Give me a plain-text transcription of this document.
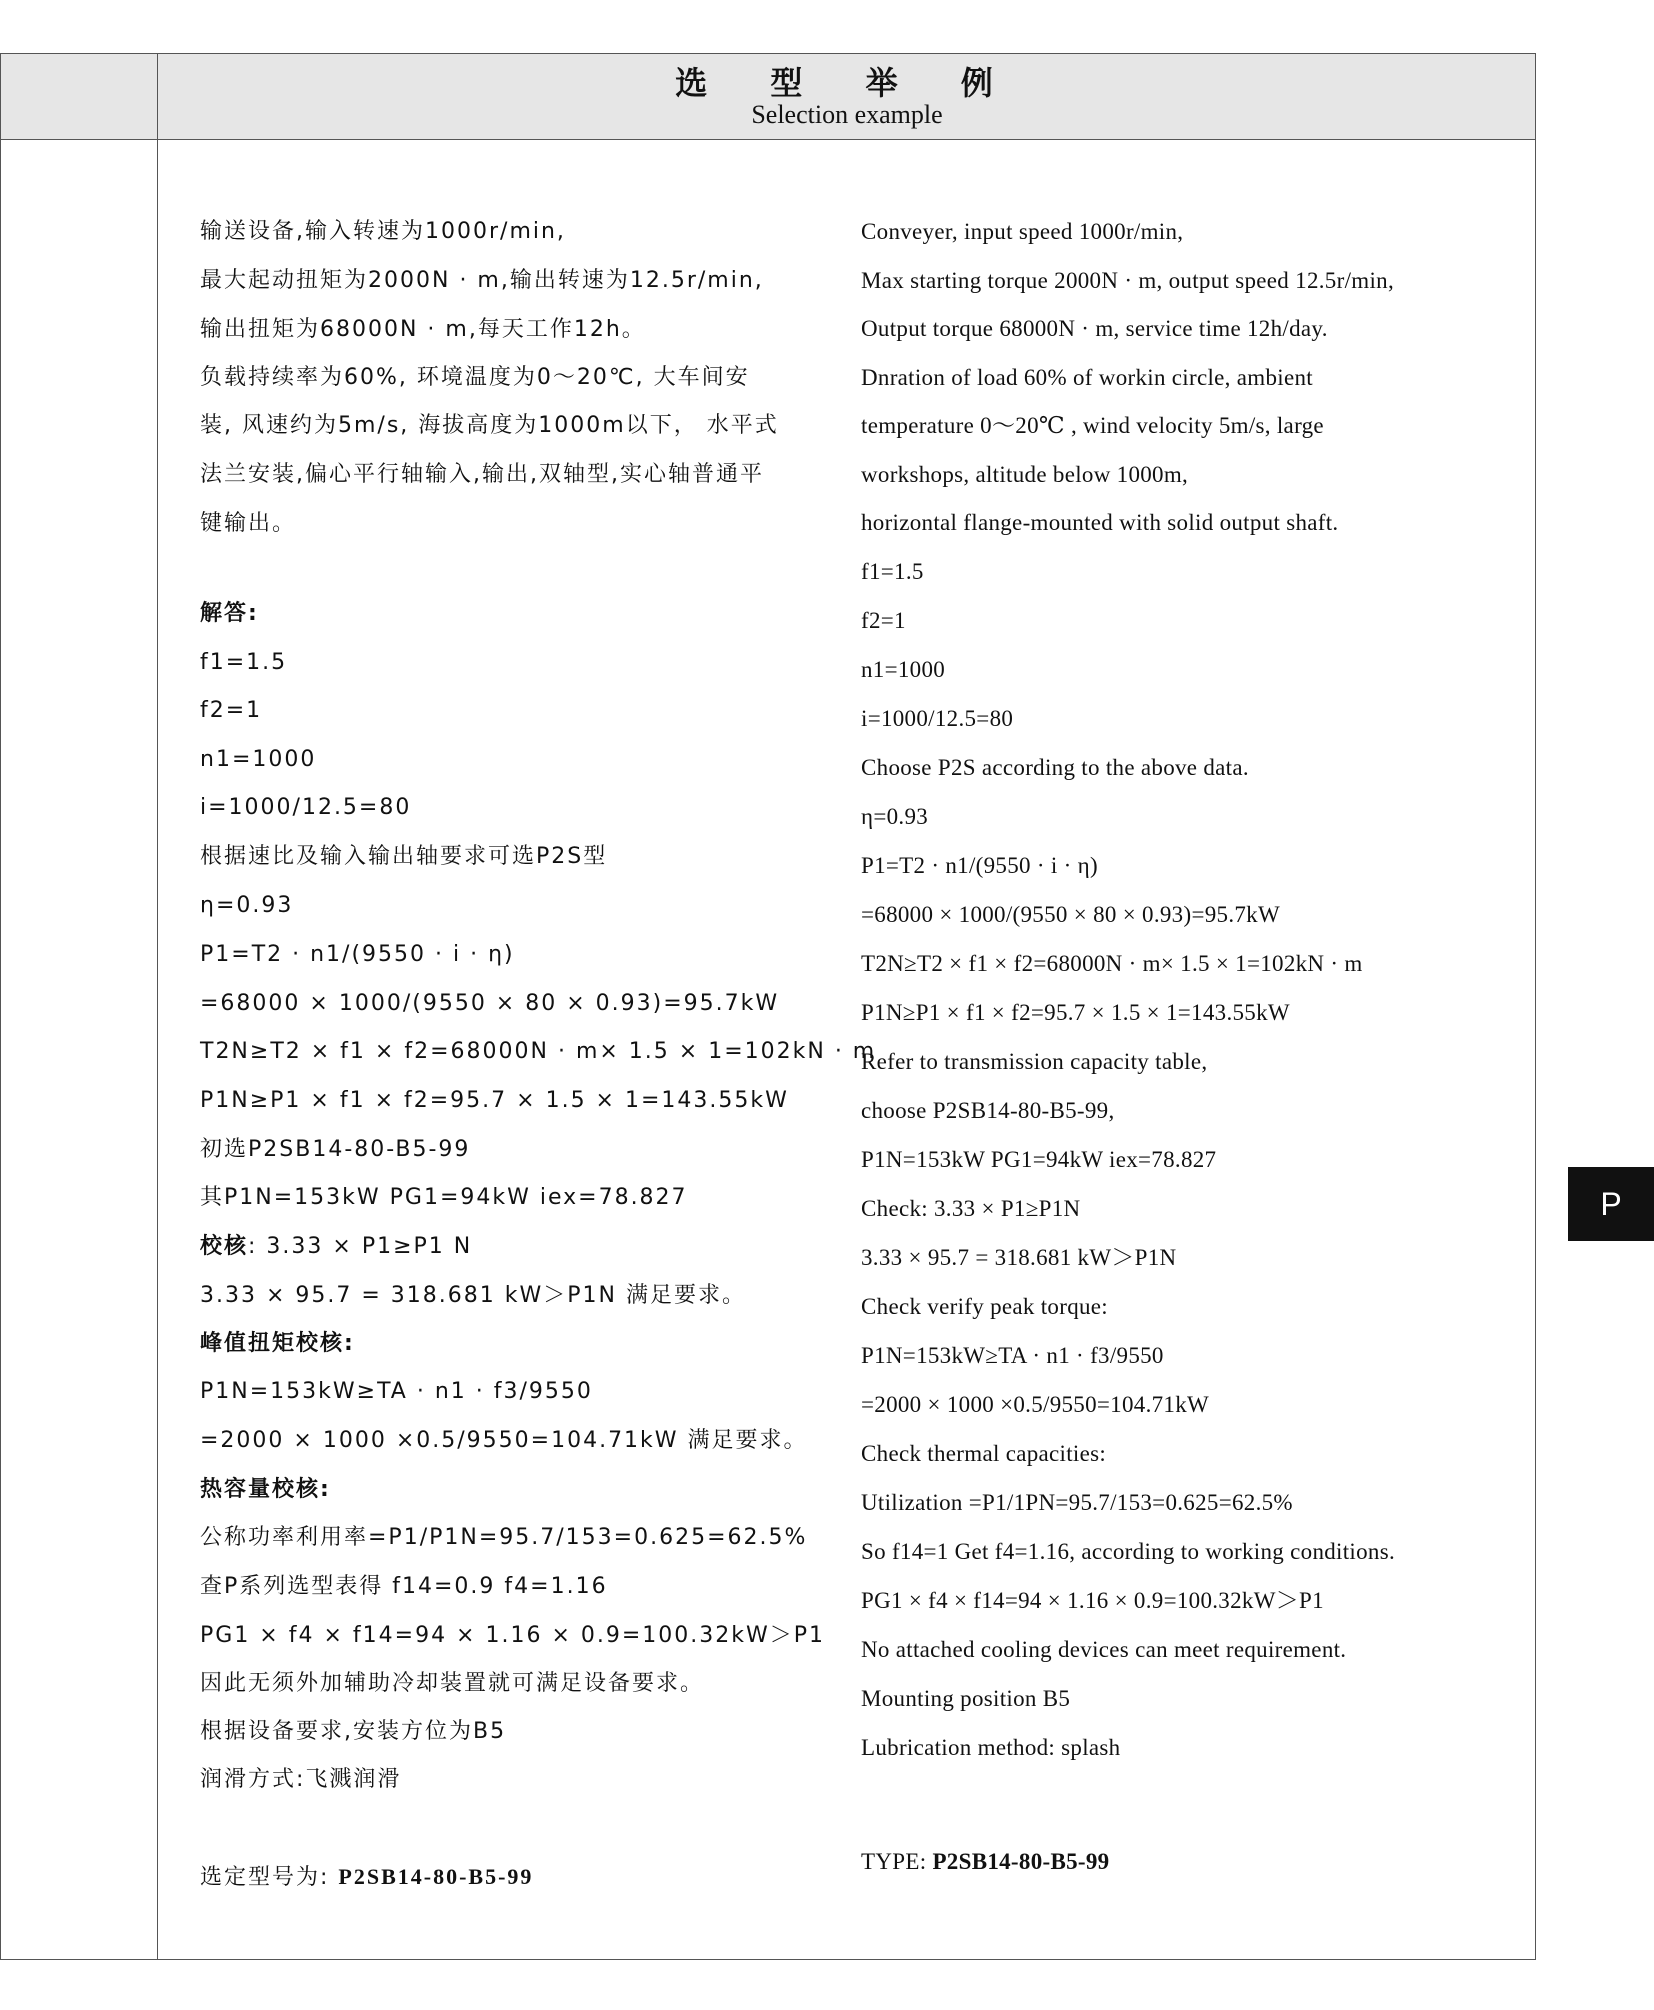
选 型 举 例
Selection example
输送设备,输入转速为1000r/min,
最大起动扭矩为2000N · m,输出转速为12.5r/min,
输出扭矩为68000N · m,每天工作12h。
负载持续率为60%, 环境温度为0～20℃, 大车间安
装, 风速约为5m/s, 海拔高度为1000m以下， 水平式
法兰安装,偏心平行轴输入,输出,双轴型,实心轴普通平
键输出。
解答:
f1=1.5
f2=1
n1=1000
i=1000/12.5=80
根据速比及输入输出轴要求可选P2S型
η=0.93
P1=T2 · n1/(9550 · i · η)
=68000 × 1000/(9550 × 80 × 0.93)=95.7kW
T2N≥T2 × f1 × f2=68000N · m× 1.5 × 1=102kN · m
P1N≥P1 × f1 × f2=95.7 × 1.5 × 1=143.55kW
初选P2SB14-80-B5-99
其P1N=153kW PG1=94kW iex=78.827
校核: 3.33 × P1≥P1 N
3.33 × 95.7 = 318.681 kW＞P1N 满足要求。
峰值扭矩校核:
P1N=153kW≥TA · n1 · f3/9550
=2000 × 1000 ×0.5/9550=104.71kW 满足要求。
热容量校核:
公称功率利用率=P1/P1N=95.7/153=0.625=62.5%
查P系列选型表得 f14=0.9 f4=1.16
PG1 × f4 × f14=94 × 1.16 × 0.9=100.32kW＞P1
因此无须外加辅助冷却装置就可满足设备要求。
根据设备要求,安装方位为B5
润滑方式:飞溅润滑
选定型号为: P2SB14-80-B5-99
Conveyer, input speed 1000r/min,
Max starting torque 2000N · m, output speed 12.5r/min,
Output torque 68000N · m, service time 12h/day.
Dnration of load 60% of workin circle, ambient
temperature 0～20℃ , wind velocity 5m/s, large
workshops, altitude below 1000m,
horizontal flange-mounted with solid output shaft.
f1=1.5
f2=1
n1=1000
i=1000/12.5=80
Choose P2S according to the above data.
η=0.93
P1=T2 · n1/(9550 · i · η)
=68000 × 1000/(9550 × 80 × 0.93)=95.7kW
T2N≥T2 × f1 × f2=68000N · m× 1.5 × 1=102kN · m
P1N≥P1 × f1 × f2=95.7 × 1.5 × 1=143.55kW
Refer to transmission capacity table,
choose P2SB14-80-B5-99,
P1N=153kW PG1=94kW iex=78.827
Check: 3.33 × P1≥P1N
3.33 × 95.7 = 318.681 kW＞P1N
Check verify peak torque:
P1N=153kW≥TA · n1 · f3/9550
=2000 × 1000 ×0.5/9550=104.71kW
Check thermal capacities:
Utilization =P1/1PN=95.7/153=0.625=62.5%
So f14=1 Get f4=1.16, according to working conditions.
PG1 × f4 × f14=94 × 1.16 × 0.9=100.32kW＞P1
No attached cooling devices can meet requirement.
Mounting position B5
Lubrication method: splash
TYPE: P2SB14-80-B5-99
P
